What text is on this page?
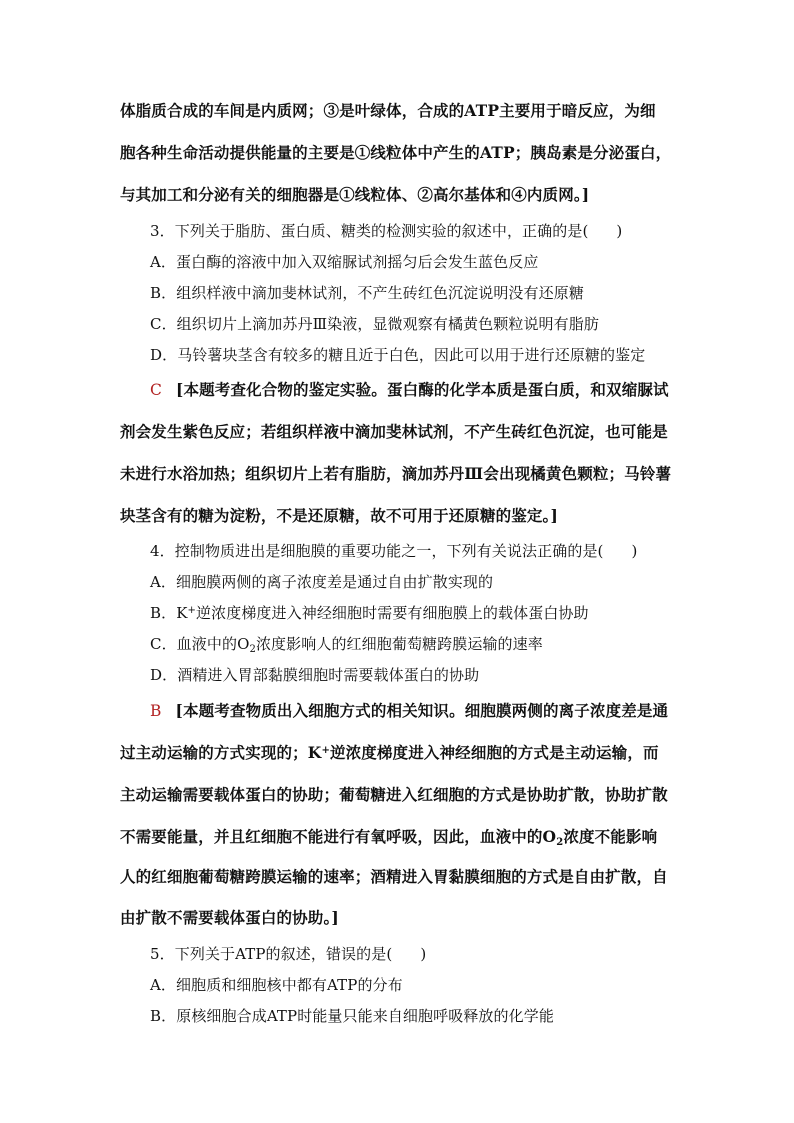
体脂质合成的车间是内质网；③是叶绿体，合成的ATP主要用于暗反应，为细
胞各种生命活动提供能量的主要是①线粒体中产生的ATP；胰岛素是分泌蛋白，
与其加工和分泌有关的细胞器是①线粒体、②高尔基体和④内质网。]
3．下列关于脂肪、蛋白质、糖类的检测实验的叙述中，正确的是( )
A．蛋白酶的溶液中加入双缩脲试剂摇匀后会发生蓝色反应
B．组织样液中滴加斐林试剂，不产生砖红色沉淀说明没有还原糖
C．组织切片上滴加苏丹Ⅲ染液，显微观察有橘黄色颗粒说明有脂肪
D．马铃薯块茎含有较多的糖且近于白色，因此可以用于进行还原糖的鉴定
C [本题考查化合物的鉴定实验。蛋白酶的化学本质是蛋白质，和双缩脲试
剂会发生紫色反应；若组织样液中滴加斐林试剂，不产生砖红色沉淀，也可能是
未进行水浴加热；组织切片上若有脂肪，滴加苏丹Ⅲ会出现橘黄色颗粒；马铃薯
块茎含有的糖为淀粉，不是还原糖，故不可用于还原糖的鉴定。]
4．控制物质进出是细胞膜的重要功能之一，下列有关说法正确的是( )
A．细胞膜两侧的离子浓度差是通过自由扩散实现的
B．K+逆浓度梯度进入神经细胞时需要有细胞膜上的载体蛋白协助
C．血液中的$O_2$浓度影响人的红细胞葡萄糖跨膜运输的速率
D．酒精进入胃部黏膜细胞时需要载体蛋白的协助
B [本题考查物质出入细胞方式的相关知识。细胞膜两侧的离子浓度差是通
过主动运输的方式实现的；K+逆浓度梯度进入神经细胞的方式是主动运输，而
主动运输需要载体蛋白的协助；葡萄糖进入红细胞的方式是协助扩散，协助扩散
不需要能量，并且红细胞不能进行有氧呼吸，因此，血液中的$O_2$浓度不能影响
人的红细胞葡萄糖跨膜运输的速率；酒精进入胃黏膜细胞的方式是自由扩散，自
由扩散不需要载体蛋白的协助。]
5．下列关于ATP的叙述，错误的是( )
A．细胞质和细胞核中都有ATP的分布
B．原核细胞合成ATP时能量只能来自细胞呼吸释放的化学能
